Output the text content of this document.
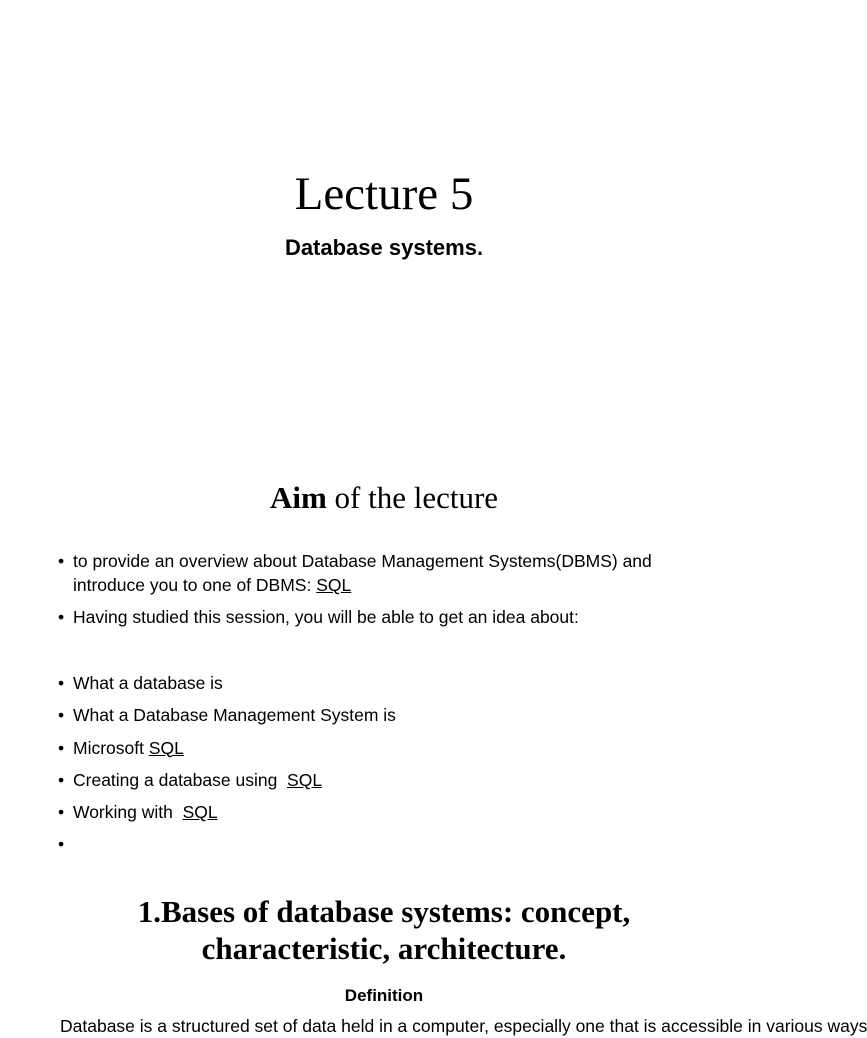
Lecture 5
Database systems.
Aim of the lecture
• to provide an overview about Database Management Systems(DBMS) and introduce you to one of DBMS: SQL
• Having studied this session, you will be able to get an idea about:
• What a database is
• What a Database Management System is
• Microsoft SQL
• Creating a database using  SQL
• Working with  SQL
•

1.Bases of database systems: concept,
characteristic, architecture.
Definition
Database is a structured set of data held in a computer, especially one that is accessible in various ways
